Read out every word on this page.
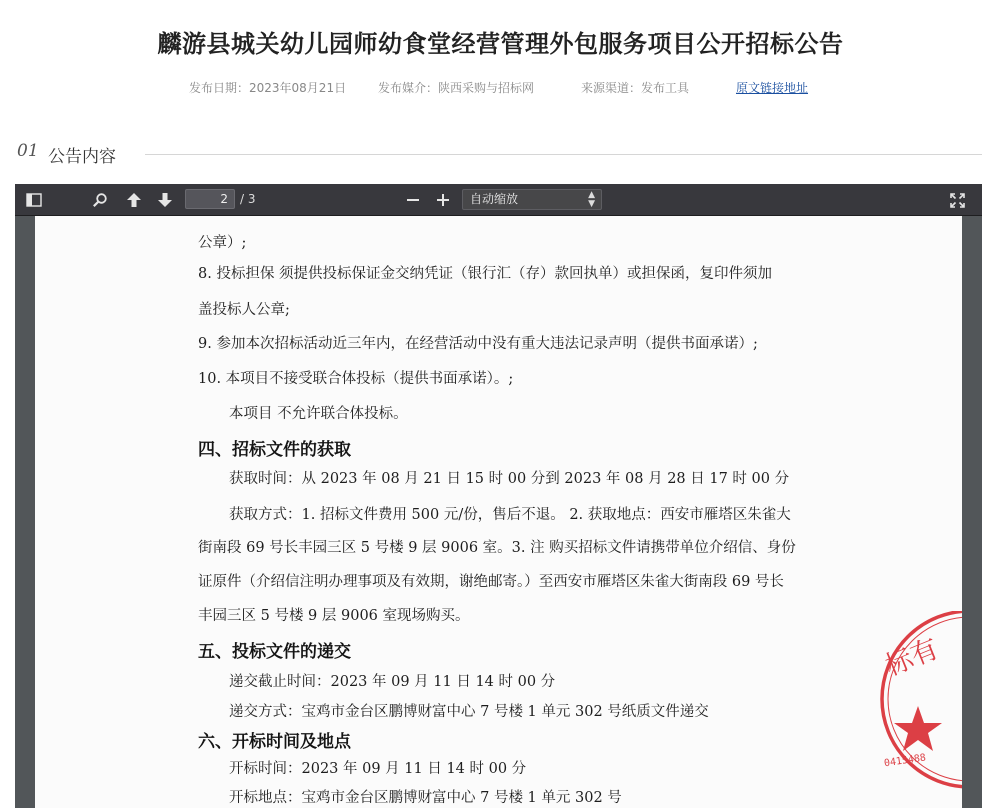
麟游县城关幼儿园师幼食堂经营管理外包服务项目公开招标公告
发布日期：2023年08月21日	发布媒介：陕西采购与招标网	来源渠道：发布工具	原文链接地址
01 公告内容
2	/ 3	自动缩放	▲
▼
公章）;
8. 投标担保 须提供投标保证金交纳凭证（银行汇（存）款回执单）或担保函，复印件须加
盖投标人公章;
9. 参加本次招标活动近三年内，在经营活动中没有重大违法记录声明（提供书面承诺）;
10. 本项目不接受联合体投标（提供书面承诺）。;
本项目 不允许联合体投标。
四、招标文件的获取
获取时间：从 2023 年 08 月 21 日 15 时 00 分到 2023 年 08 月 28 日 17 时 00 分
获取方式：1. 招标文件费用 500 元/份，售后不退。 2. 获取地点：西安市雁塔区朱雀大
街南段 69 号长丰园三区 5 号楼 9 层 9006 室。3. 注 购买招标文件请携带单位介绍信、身份
证原件（介绍信注明办理事项及有效期，谢绝邮寄。）至西安市雁塔区朱雀大街南段 69 号长
丰园三区 5 号楼 9 层 9006 室现场购买。
五、投标文件的递交
递交截止时间：2023 年 09 月 11 日 14 时 00 分
递交方式：宝鸡市金台区鹏博财富中心 7 号楼 1 单元 302 号纸质文件递交
六、开标时间及地点
开标时间：2023 年 09 月 11 日 14 时 00 分
开标地点：宝鸡市金台区鹏博财富中心 7 号楼 1 单元 302 号
标有
0415488
